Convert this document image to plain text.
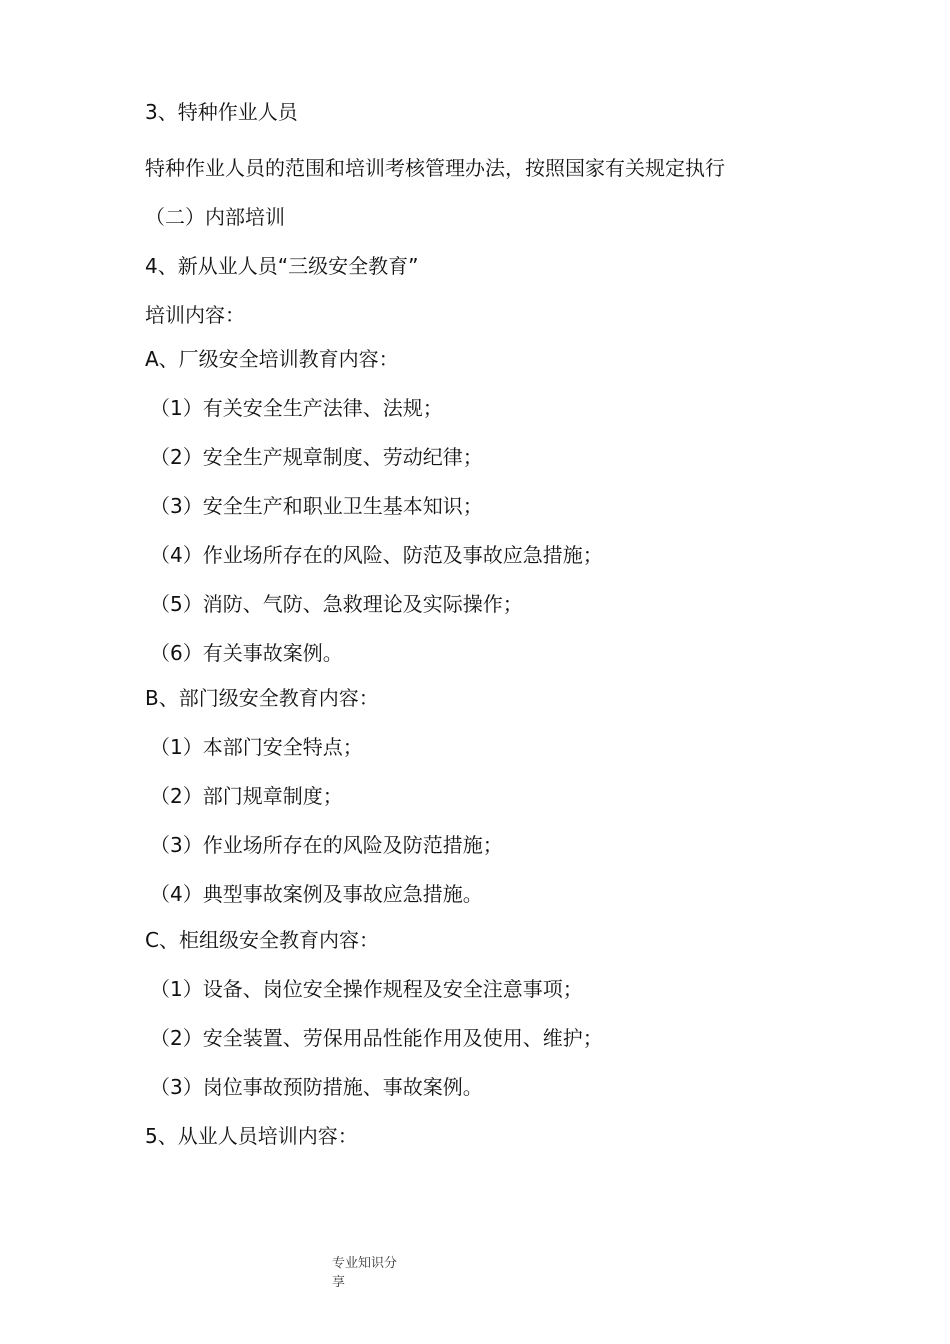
3、特种作业人员
特种作业人员的范围和培训考核管理办法，按照国家有关规定执行
（二）内部培训
4、新从业人员“三级安全教育”
培训内容：
A、厂级安全培训教育内容：
（1）有关安全生产法律、法规；
（2）安全生产规章制度、劳动纪律；
（3）安全生产和职业卫生基本知识；
（4）作业场所存在的风险、防范及事故应急措施；
（5）消防、气防、急救理论及实际操作；
（6）有关事故案例。
B、部门级安全教育内容：
（1）本部门安全特点；
（2）部门规章制度；
（3）作业场所存在的风险及防范措施；
（4）典型事故案例及事故应急措施。
C、柜组级安全教育内容：
（1）设备、岗位安全操作规程及安全注意事项；
（2）安全装置、劳保用品性能作用及使用、维护；
（3）岗位事故预防措施、事故案例。
5、从业人员培训内容：
专业知识分享
